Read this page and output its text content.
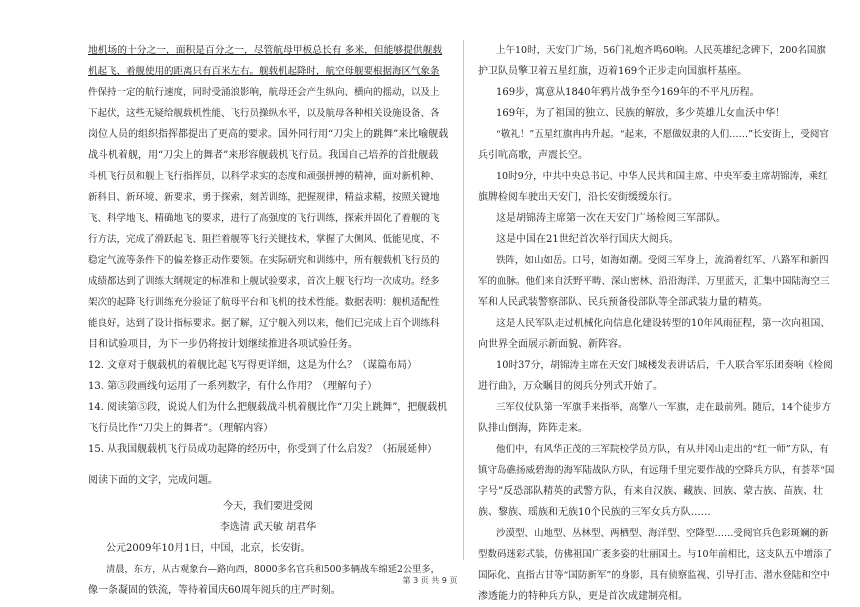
地机场的十分之一，面积是百分之一，尽管航母甲板总长有 多米，但能够提供舰载
机起飞、着舰使用的距离只有百米左右。舰载机起降时，航空母舰要根据海区气象条
件保持一定的航行速度，同时受涌浪影响，航母还会产生纵向、横向的摇动，以及上
下起伏，这些无疑给舰载机性能、飞行员操纵水平，以及航母各种相关设施设备、各
岗位人员的组织指挥都提出了更高的要求。国外同行用“刀尖上的跳舞”来比喻舰载
战斗机着舰，用“刀尖上的舞者”来形容舰载机飞行员。我国自己培养的首批舰载
斗机飞行员和舰上飞行指挥员，以科学求实的态度和顽强拼搏的精神，面对新机种、
新科目、新环境、新要求，勇于探索，刻苦训练，把握规律，精益求精，按照关键地
飞、科学地飞、精确地飞的要求，进行了高强度的飞行训练，探索并固化了着舰的飞
行方法，完成了滑跃起飞、阻拦着舰等飞行关键技术，掌握了大侧风、低能见度、不
稳定气流等条件下的偏差修正动作要领。在实际研究和训练中，所有舰载机飞行员的
成绩都达到了训练大纲规定的标准和上舰试验要求，首次上舰飞行均一次成功。经多
架次的起降飞行训练充分验证了航母平台和飞机的技术性能。数据表明：舰机适配性
能良好，达到了设计指标要求。据了解，辽宁舰入列以来，他们已完成上百个训练科
目和试验项目，为下一步仍将按计划继续推进各项试验任务。
12. 文章对于舰载机的着舰比起飞写得更详细，这是为什么？（谋篇布局）
13. 第⑤段画线句运用了一系列数字，有什么作用？（理解句子）
14. 阅读第⑤段，说说人们为什么把舰载战斗机着舰比作“刀尖上跳舞”，把舰载机
飞行员比作“刀尖上的舞者”。（理解内容）
15. 从我国舰载机飞行员成功起降的经历中，你受到了什么启发？（拓展延伸）
阅读下面的文字，完成问题。
今天，我们要进受阅
李选清 武天敏 胡君华
公元2009年10月1日，中国，北京，长安街。
清晨，东方，从古观象台—路向西，8000多名官兵和500多辆战车绵延2公里多，
像一条凝固的铁流，等待着国庆60周年阅兵的庄严时刻。
上午10时，天安门广场，56门礼炮齐鸣60响。人民英雄纪念碑下，200名国旗
护卫队员擎卫着五星红旗，迈着169个正步走向国旗杆基座。
169步，寓意从1840年鸦片战争至今169年的不平凡历程。
169年，为了祖国的独立、民族的解放，多少英雄儿女血沃中华！
“敬礼！”五星红旗冉冉升起。“起来，不愿做奴隶的人们……”长安街上，受阅官
兵引吭高歌，声震长空。
10时9分，中共中央总书记、中华人民共和国主席、中央军委主席胡锦涛，乘红
旗牌检阅车驶出天安门，沿长安街缓缓东行。
这是胡锦涛主席第一次在天安门广场检阅三军部队。
这是中国在21世纪首次举行国庆大阅兵。
铁阵，如山如岳。口号，如海如潮。受阅三军身上，流淌着红军、八路军和新四
军的血脉。他们来自沃野平畴、深山密林、沿沿海洋、万里蓝天，汇集中国陆海空三
军和人民武装警察部队、民兵预备役部队等全部武装力量的精英。
这是人民军队走过机械化向信息化建设转型的10年风雨征程，第一次向祖国、
向世界全面展示新面貌、新阵容。
10时37分，胡锦涛主席在天安门城楼发表讲话后，千人联合军乐团奏响《检阅
进行曲》，万众瞩目的阅兵分列式开始了。
三军仪仗队第一军旗手来指举，高擎八一军旗，走在最前列。随后，14个徒步方
队排山倒海，阵阵走来。
他们中，有风华正茂的三军院校学员方队，有从井冈山走出的“红一师”方队，有
镇守岛礁扬威碧海的海军陆战队方队，有远翔千里完要作战的空降兵方队，有荟萃“国
字号”反恐部队精英的武警方队，有来自汉族、藏族、回族、蒙古族、苗族、壮
族、黎族、瑶族和无族10个民族的三军女兵方队……
沙漠型、山地型、丛林型、两栖型、海洋型、空降型……受阅官兵色彩斑斓的新
型数码迷彩式装，仿佛祖国广袤多姿的壮丽国土。与10年前相比，这支队五中增添了
国际化、直指古甘等“国防新军”的身影，具有侦察监视、引导打击、潜水登陆和空中
渗透能力的特种兵方队，更是首次成建制亮相。
第 3 页 共 9 页
